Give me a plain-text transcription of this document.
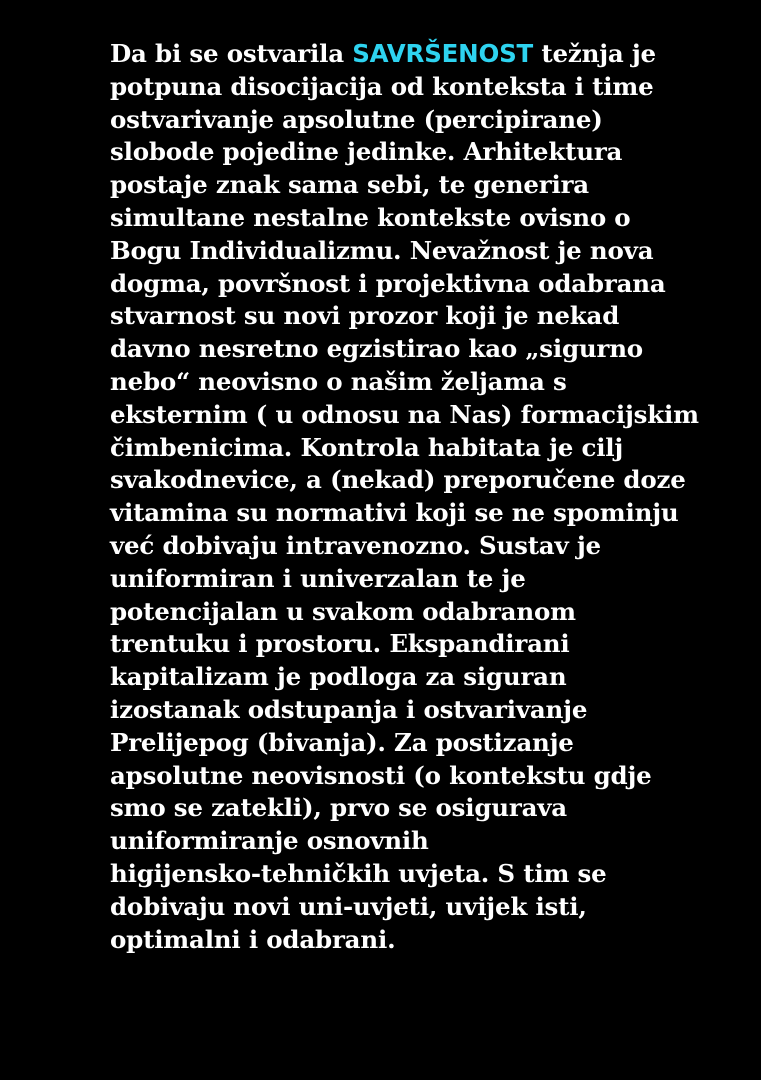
Da bi se ostvarila SAVRŠENOST težnja je
potpuna disocijacija od konteksta i time
ostvarivanje apsolutne (percipirane)
slobode pojedine jedinke. Arhitektura
postaje znak sama sebi, te generira
simultane nestalne kontekste ovisno o
Bogu Individualizmu. Nevažnost je nova
dogma, površnost i projektivna odabrana
stvarnost su novi prozor koji je nekad
davno nesretno egzistirao kao „sigurno
nebo“ neovisno o našim željama s
eksternim ( u odnosu na Nas) formacijskim
čimbenicima. Kontrola habitata je cilj
svakodnevice, a (nekad) preporučene doze
vitamina su normativi koji se ne spominju
već dobivaju intravenozno. Sustav je
uniformiran i univerzalan te je
potencijalan u svakom odabranom
trentuku i prostoru. Ekspandirani
kapitalizam je podloga za siguran
izostanak odstupanja i ostvarivanje
Prelijepog (bivanja). Za postizanje
apsolutne neovisnosti (o kontekstu gdje
smo se zatekli), prvo se osigurava
uniformiranje osnovnih
higijensko-tehničkih uvjeta. S tim se
dobivaju novi uni-uvjeti, uvijek isti,
optimalni i odabrani.
